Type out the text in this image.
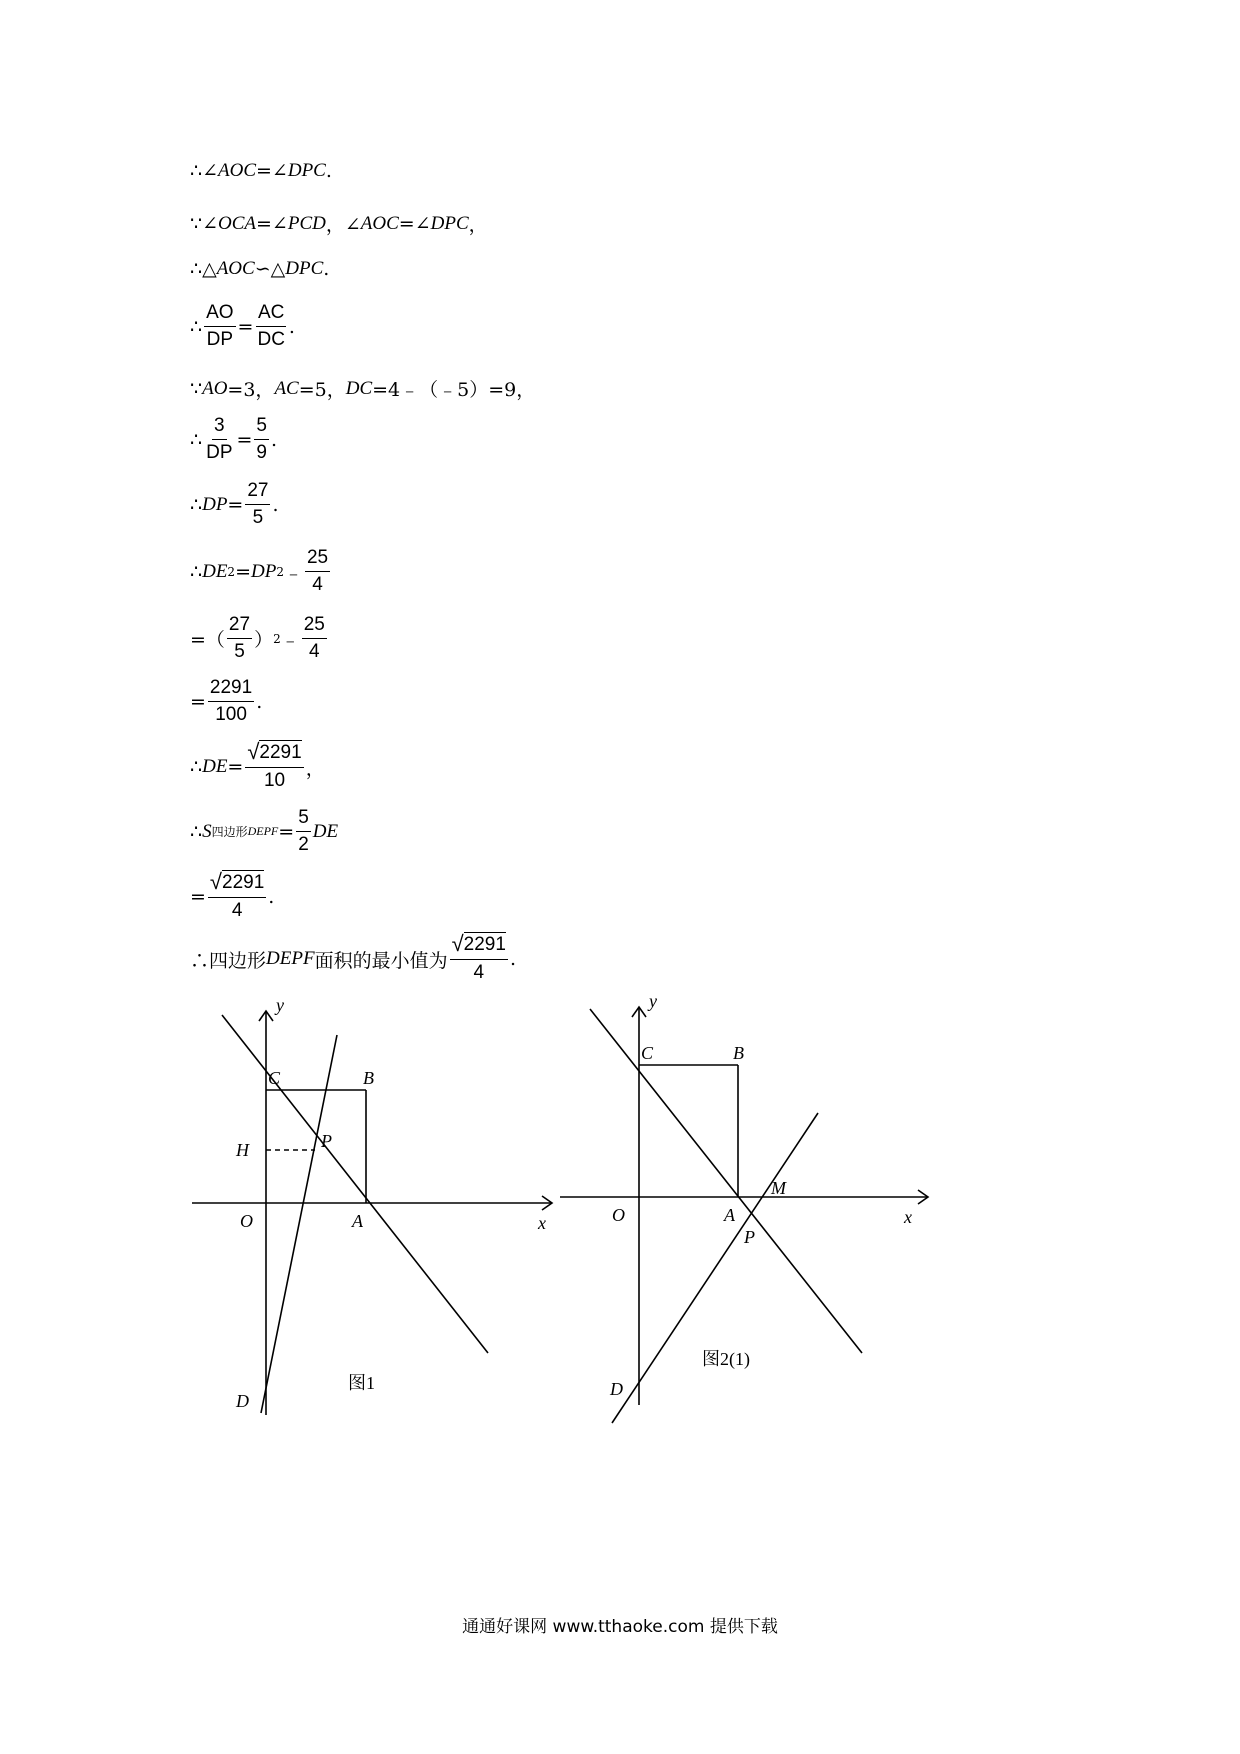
∴ ∠ AOC =∠ DPC .
∵ ∠ OCA =∠ PCD ，∠ AOC =∠ DPC ，
∴△ AOC ∽△ DPC .
∴ $\frac{AO}{DP} = \frac{AC}{DC}$ .
∵ AO =3， AC =5， DC =4﹣（﹣5）=9，
∴ $\frac{3}{DP} = \frac{5}{9}$ .
∴ DP = $\frac{27}{5}$ .
∴ DE 2 = DP 2 ﹣ $\frac{25}{4}$
=（ $\frac{27}{5}$ ） 2 ﹣ $\frac{25}{4}$
= $\frac{2291}{100}$ .
∴ DE = $\frac{√ 2291}{10}$ ，
∴ S 四边形 DEPF = $\frac{5}{2}$ DE
= $\frac{√ 2291}{4}$ .
∴四边形 DEPF 面积的最小值为 $\frac{√ 2291}{4}$ .
y
x
C	B
H	P
O	A
D
图1
y
x
C	B
M
O	A
P
D
图2(1)
通通好课网 www.tthaoke.com 提供下载
